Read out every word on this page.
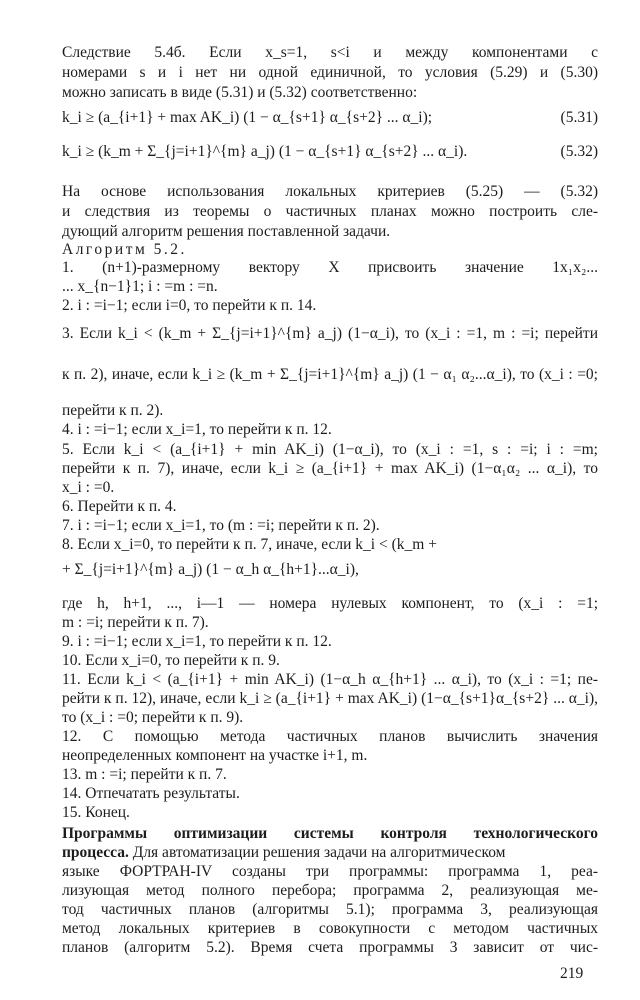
Следствие 5.4б. Если x_s=1, s<i и между компонентами с
номерами s и i нет ни одной единичной, то условия (5.29) и (5.30)
можно записать в виде (5.31) и (5.32) соответственно:
k_i ≥ (a_{i+1} + max AK_i) (1 − α_{s+1} α_{s+2} ... α_i);	(5.31)
k_i ≥ (k_m + Σ_{j=i+1}^{m} a_j) (1 − α_{s+1} α_{s+2} ... α_i).	(5.32)
На основе использования локальных критериев (5.25) — (5.32)
и следствия из теоремы о частичных планах можно построить сле-
дующий алгоритм решения поставленной задачи.
Алгоритм 5.2.
1. (n+1)-размерному вектору X присвоить значение 1x₁x₂...
... x_{n−1}1; i : =m : =n.
2. i : =i−1; если i=0, то перейти к п. 14.
3. Если k_i < (k_m + Σ_{j=i+1}^{m} a_j) (1−α_i), то (x_i : =1, m : =i; перейти
к п. 2), иначе, если k_i ≥ (k_m + Σ_{j=i+1}^{m} a_j) (1 − α₁ α₂...α_i), то (x_i : =0;
перейти к п. 2).
4. i : =i−1; если x_i=1, то перейти к п. 12.
5. Если k_i < (a_{i+1} + min AK_i) (1−α_i), то (x_i : =1, s : =i; i : =m;
перейти к п. 7), иначе, если k_i ≥ (a_{i+1} + max AK_i) (1−α₁α₂ ... α_i), то
x_i : =0.
6. Перейти к п. 4.
7. i : =i−1; если x_i=1, то (m : =i; перейти к п. 2).
8. Если x_i=0, то перейти к п. 7, иначе, если k_i < (k_m +
+ Σ_{j=i+1}^{m} a_j) (1 − α_h α_{h+1}...α_i),
где h, h+1, ..., i—1 — номера нулевых компонент, то (x_i : =1;
m : =i; перейти к п. 7).
9. i : =i−1; если x_i=1, то перейти к п. 12.
10. Если x_i=0, то перейти к п. 9.
11. Если k_i < (a_{i+1} + min AK_i) (1−α_h α_{h+1} ... α_i), то (x_i : =1; пе-
рейти к п. 12), иначе, если k_i ≥ (a_{i+1} + max AK_i) (1−α_{s+1}α_{s+2} ... α_i),
то (x_i : =0; перейти к п. 9).
12. С помощью метода частичных планов вычислить значения
неопределенных компонент на участке i+1, m.
13. m : =i; перейти к п. 7.
14. Отпечатать результаты.
15. Конец.
Программы оптимизации системы контроля технологического
процесса. Для автоматизации решения задачи на алгоритмическом
языке ФОРТРАН-IV созданы три программы: программа 1, реа-
лизующая метод полного перебора; программа 2, реализующая ме-
тод частичных планов (алгоритмы 5.1); программа 3, реализующая
метод локальных критериев в совокупности с методом частичных
планов (алгоритм 5.2). Время счета программы 3 зависит от чис-
219
